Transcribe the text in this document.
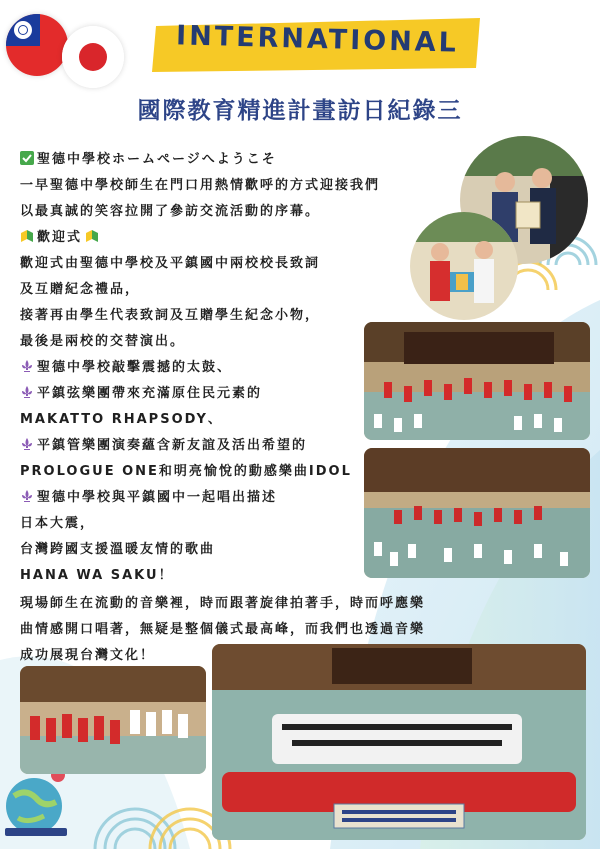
INTERNATIONAL
國際教育精進計畫訪日紀錄三
聖德中學校ホームページへようこそ
一早聖德中學校師生在門口用熱情歡呼的方式迎接我們
以最真誠的笑容拉開了參訪交流活動的序幕。
歡迎式
歡迎式由聖德中學校及平鎮國中兩校校長致詞
及互贈紀念禮品，
接著再由學生代表致詞及互贈學生紀念小物，
最後是兩校的交替演出。
聖德中學校敲擊震撼的太鼓、
平鎮弦樂團帶來充滿原住民元素的
MAKATTO RHAPSODY、
平鎮管樂團演奏蘊含新友誼及活出希望的
PROLOGUE ONE和明亮愉悅的動感樂曲IDOL
聖德中學校與平鎮國中一起唱出描述
日本大震，
台灣跨國支援溫暖友情的歌曲
HANA WA SAKU！
現場師生在流動的音樂裡，時而跟著旋律拍著手，時而呼應樂
曲情感開口唱著，無疑是整個儀式最高峰，而我們也透過音樂
成功展現台灣文化！
